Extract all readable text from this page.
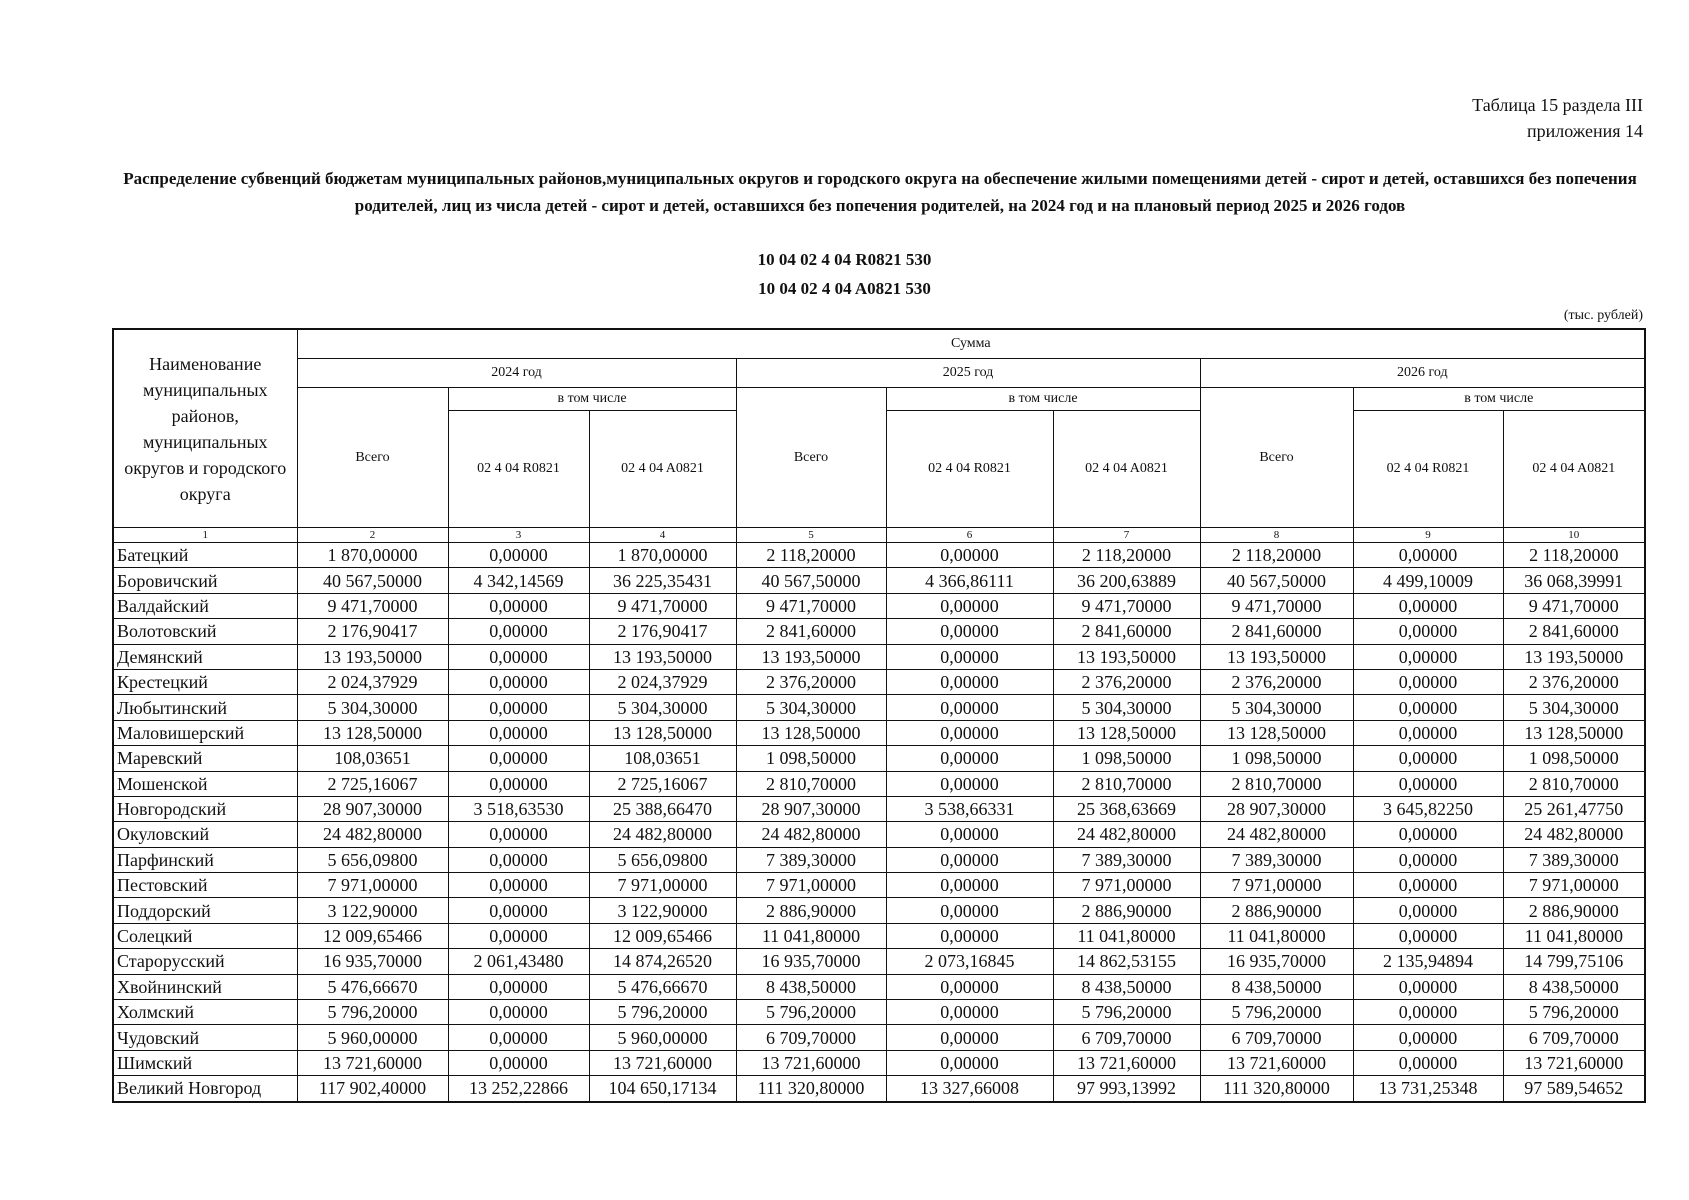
Таблица 15 раздела III
приложения 14
Распределение субвенций бюджетам муниципальных районов,муниципальных округов и городского округа на обеспечение жилыми помещениями детей - сирот и детей, оставшихся без попечения родителей, лиц из числа детей - сирот и детей, оставшихся без попечения родителей, на 2024 год и на плановый период 2025 и 2026 годов
10 04 02 4 04 R0821 530
10 04 02 4 04 A0821 530
(тыс. рублей)
Наименование муниципальных районов, муниципальных округов и городского округа	Сумма								
	2024 год			2025 год			2026 год		
	Всего	в том числе		Всего	в том числе		Всего	в том числе	
		02 4 04 R0821	02 4 04 A0821		02 4 04 R0821	02 4 04 A0821		02 4 04 R0821	02 4 04 A0821
1	2	3	4	5	6	7	8	9	10
Батецкий	1 870,00000	0,00000	1 870,00000	2 118,20000	0,00000	2 118,20000	2 118,20000	0,00000	2 118,20000
Боровичский	40 567,50000	4 342,14569	36 225,35431	40 567,50000	4 366,86111	36 200,63889	40 567,50000	4 499,10009	36 068,39991
Валдайский	9 471,70000	0,00000	9 471,70000	9 471,70000	0,00000	9 471,70000	9 471,70000	0,00000	9 471,70000
Волотовский	2 176,90417	0,00000	2 176,90417	2 841,60000	0,00000	2 841,60000	2 841,60000	0,00000	2 841,60000
Демянский	13 193,50000	0,00000	13 193,50000	13 193,50000	0,00000	13 193,50000	13 193,50000	0,00000	13 193,50000
Крестецкий	2 024,37929	0,00000	2 024,37929	2 376,20000	0,00000	2 376,20000	2 376,20000	0,00000	2 376,20000
Любытинский	5 304,30000	0,00000	5 304,30000	5 304,30000	0,00000	5 304,30000	5 304,30000	0,00000	5 304,30000
Маловишерский	13 128,50000	0,00000	13 128,50000	13 128,50000	0,00000	13 128,50000	13 128,50000	0,00000	13 128,50000
Маревский	108,03651	0,00000	108,03651	1 098,50000	0,00000	1 098,50000	1 098,50000	0,00000	1 098,50000
Мошенской	2 725,16067	0,00000	2 725,16067	2 810,70000	0,00000	2 810,70000	2 810,70000	0,00000	2 810,70000
Новгородский	28 907,30000	3 518,63530	25 388,66470	28 907,30000	3 538,66331	25 368,63669	28 907,30000	3 645,82250	25 261,47750
Окуловский	24 482,80000	0,00000	24 482,80000	24 482,80000	0,00000	24 482,80000	24 482,80000	0,00000	24 482,80000
Парфинский	5 656,09800	0,00000	5 656,09800	7 389,30000	0,00000	7 389,30000	7 389,30000	0,00000	7 389,30000
Пестовский	7 971,00000	0,00000	7 971,00000	7 971,00000	0,00000	7 971,00000	7 971,00000	0,00000	7 971,00000
Поддорский	3 122,90000	0,00000	3 122,90000	2 886,90000	0,00000	2 886,90000	2 886,90000	0,00000	2 886,90000
Солецкий	12 009,65466	0,00000	12 009,65466	11 041,80000	0,00000	11 041,80000	11 041,80000	0,00000	11 041,80000
Старорусский	16 935,70000	2 061,43480	14 874,26520	16 935,70000	2 073,16845	14 862,53155	16 935,70000	2 135,94894	14 799,75106
Хвойнинский	5 476,66670	0,00000	5 476,66670	8 438,50000	0,00000	8 438,50000	8 438,50000	0,00000	8 438,50000
Холмский	5 796,20000	0,00000	5 796,20000	5 796,20000	0,00000	5 796,20000	5 796,20000	0,00000	5 796,20000
Чудовский	5 960,00000	0,00000	5 960,00000	6 709,70000	0,00000	6 709,70000	6 709,70000	0,00000	6 709,70000
Шимский	13 721,60000	0,00000	13 721,60000	13 721,60000	0,00000	13 721,60000	13 721,60000	0,00000	13 721,60000
Великий Новгород	117 902,40000	13 252,22866	104 650,17134	111 320,80000	13 327,66008	97 993,13992	111 320,80000	13 731,25348	97 589,54652
